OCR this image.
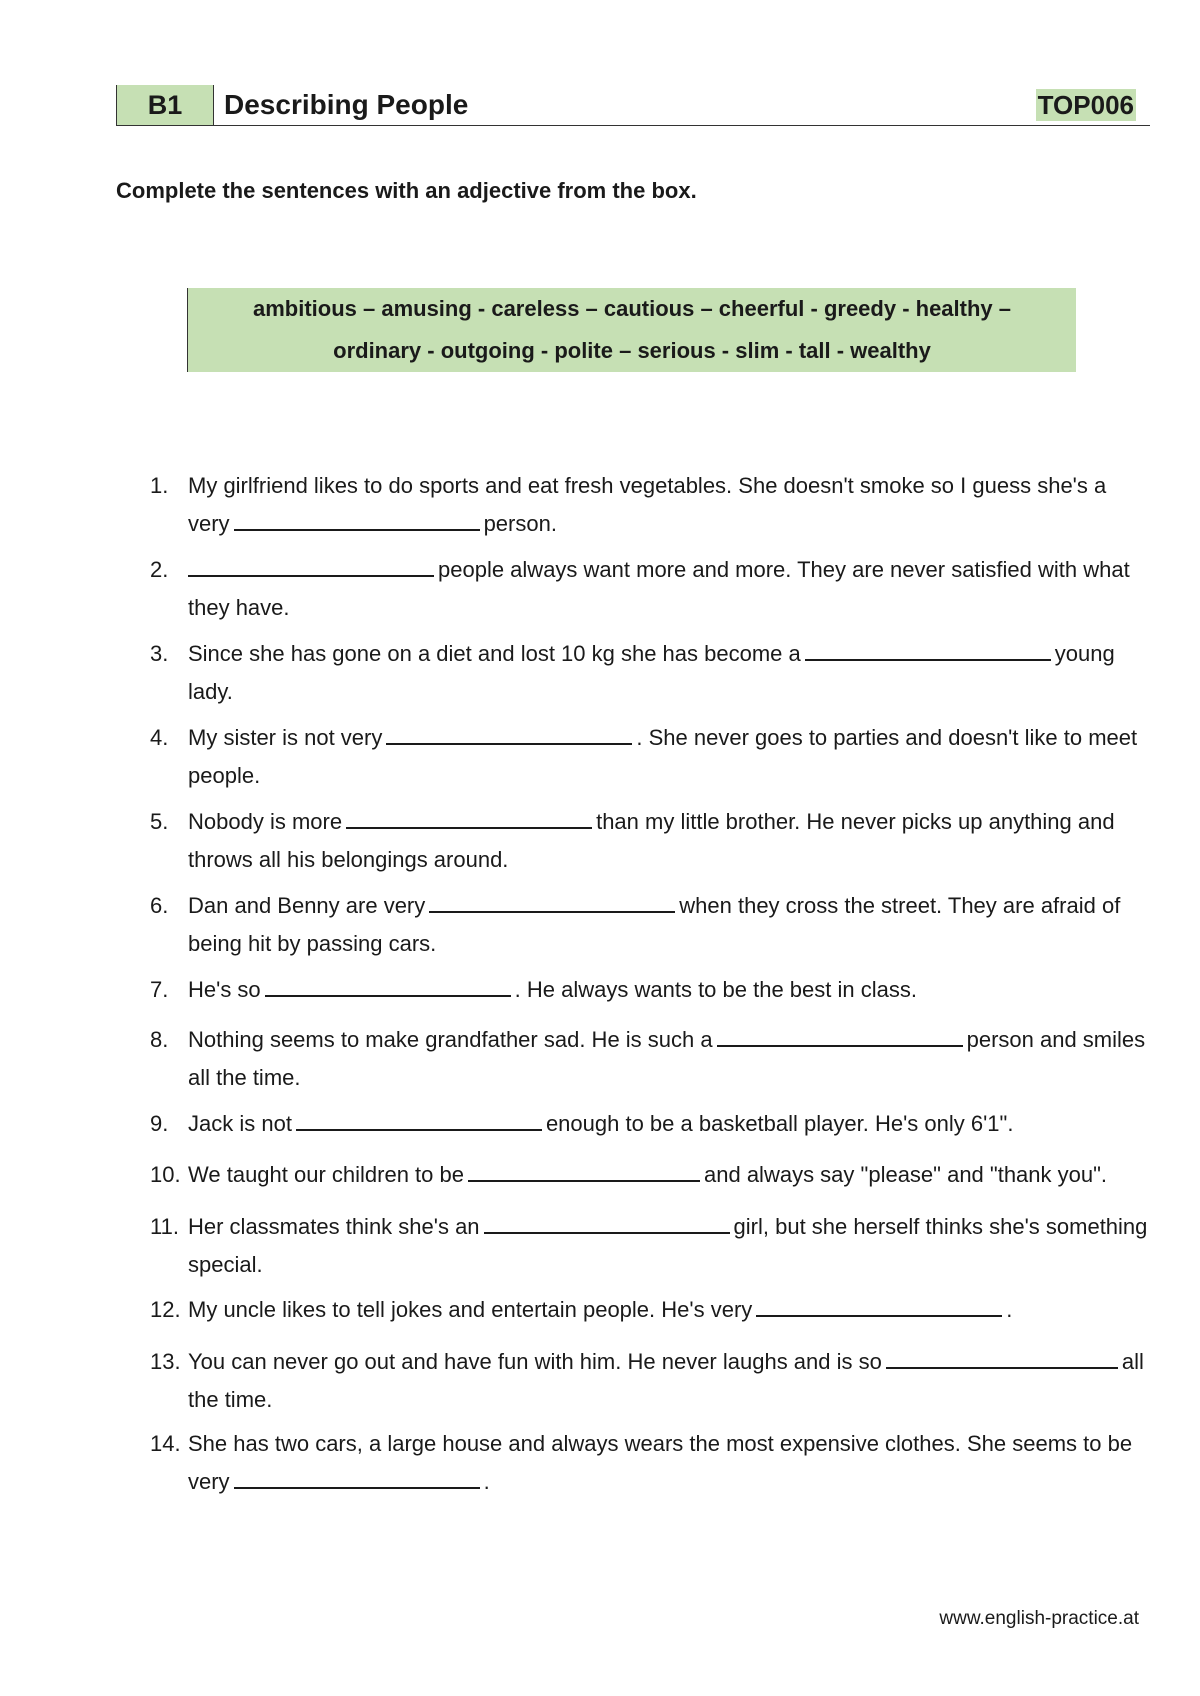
B1	Describing People	TOP006
Complete the sentences with an adjective from the box.
ambitious – amusing - careless – cautious – cheerful - greedy - healthy –
ordinary - outgoing - polite – serious - slim - tall - wealthy
1. My girlfriend likes to do sports and eat fresh vegetables. She doesn't smoke so I guess she's a very	person.
2.	people always want more and more. They are never satisfied with what they have.
3. Since she has gone on a diet and lost 10 kg she has become a	young lady.
4. My sister is not very	. She never goes to parties and doesn't like to meet people.
5. Nobody is more	than my little brother. He never picks up anything and throws all his belongings around.
6. Dan and Benny are very	when they cross the street. They are afraid of being hit by passing cars.
7. He's so	. He always wants to be the best in class.
8. Nothing seems to make grandfather sad. He is such a	person and smiles all the time.
9. Jack is not	enough to be a basketball player. He's only 6'1".
10. We taught our children to be	and always say "please" and "thank you".
11. Her classmates think she's an	girl, but she herself thinks she's something special.
12. My uncle likes to tell jokes and entertain people. He's very	.
13. You can never go out and have fun with him. He never laughs and is so	all the time.
14. She has two cars, a large house and always wears the most expensive clothes. She seems to be very	.
www.english-practice.at
